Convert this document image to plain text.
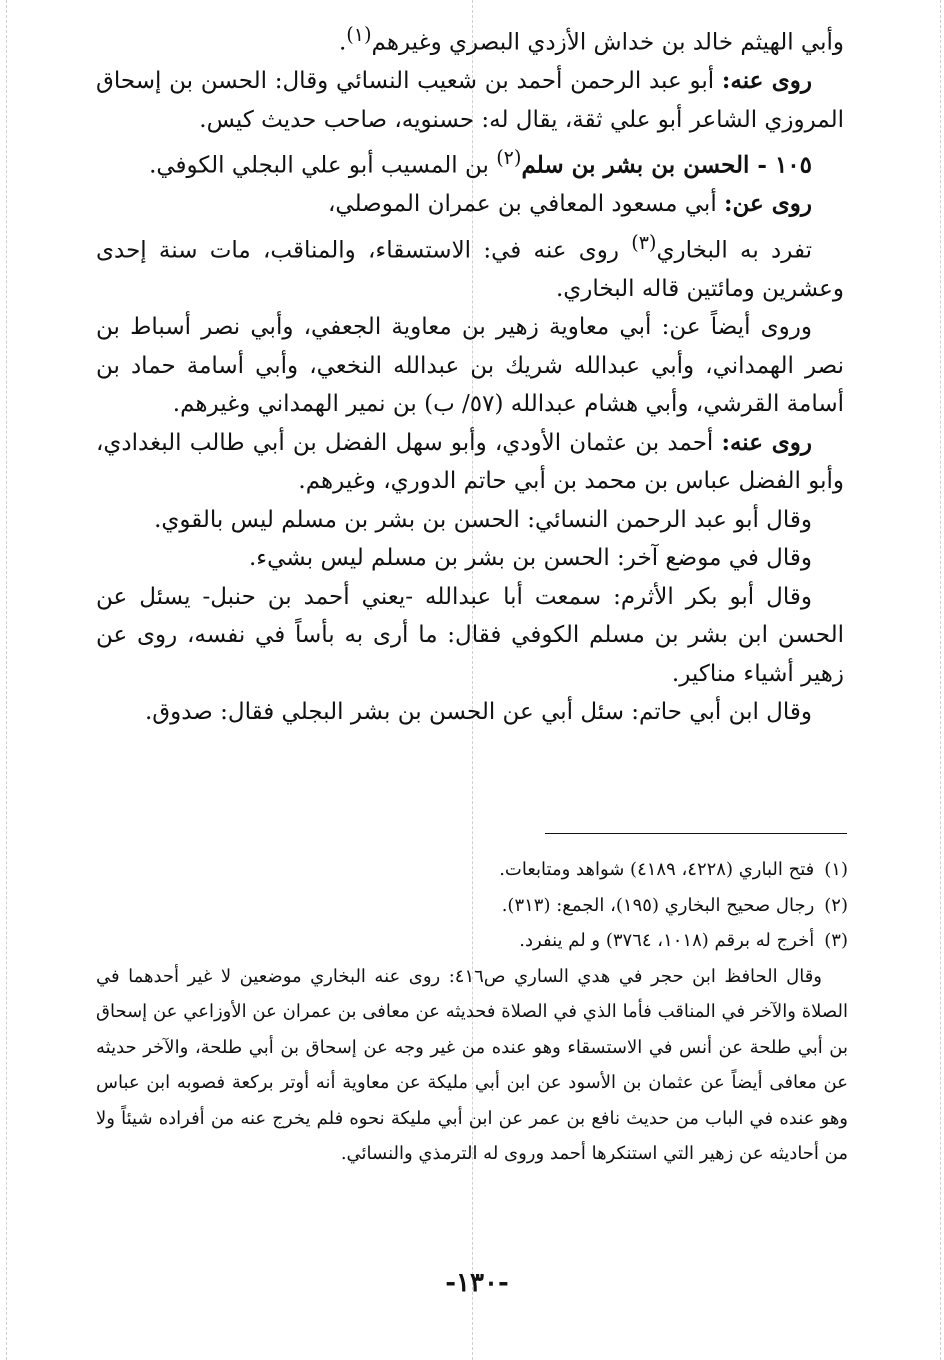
وأبي الهيثم خالد بن خداش الأزدي البصري وغيرهم$^{(١)}$.

روى عنه: أبو عبد الرحمن أحمد بن شعيب النسائي وقال: الحسن بن إسحاق المروزي الشاعر أبو علي ثقة، يقال له: حسنويه، صاحب حديث كيس.

١٠٥ - الحسن بن بشر بن سلم$^{(٢)}$ بن المسيب أبو علي البجلي الكوفي.

روى عن: أبي مسعود المعافي بن عمران الموصلي،

تفرد به البخاري$^{(٣)}$ روى عنه في: الاستسقاء، والمناقب، مات سنة إحدى وعشرين ومائتين قاله البخاري.

وروى أيضاً عن: أبي معاوية زهير بن معاوية الجعفي، وأبي نصر أسباط بن نصر الهمداني، وأبي عبدالله شريك بن عبدالله النخعي، وأبي أسامة حماد بن أسامة القرشي، وأبي هشام عبدالله (٥٧/ ب) بن نمير الهمداني وغيرهم.

روى عنه: أحمد بن عثمان الأودي، وأبو سهل الفضل بن أبي طالب البغدادي، وأبو الفضل عباس بن محمد بن أبي حاتم الدوري، وغيرهم.

وقال أبو عبد الرحمن النسائي: الحسن بن بشر بن مسلم ليس بالقوي.

وقال في موضع آخر: الحسن بن بشر بن مسلم ليس بشيء.

وقال أبو بكر الأثرم: سمعت أبا عبدالله -يعني أحمد بن حنبل- يسئل عن الحسن ابن بشر بن مسلم الكوفي فقال: ما أرى به بأساً في نفسه، روى عن زهير أشياء مناكير.

وقال ابن أبي حاتم: سئل أبي عن الحسن بن بشر البجلي فقال: صدوق.

(١)فتح الباري (٤٢٢٨، ٤١٨٩) شواهد ومتابعات.

(٢)رجال صحيح البخاري (١٩٥)، الجمع: (٣١٣).

(٣)أخرج له برقم (١٠١٨، ٣٧٦٤) و لم ينفرد.

وقال الحافظ ابن حجر في هدي الساري ص٤١٦: روى عنه البخاري موضعين لا غير أحدهما في الصلاة والآخر في المناقب فأما الذي في الصلاة فحديثه عن معافى بن عمران عن الأوزاعي عن إسحاق بن أبي طلحة عن أنس في الاستسقاء وهو عنده من غير وجه عن إسحاق بن أبي طلحة، والآخر حديثه عن معافى أيضاً عن عثمان بن الأسود عن ابن أبي مليكة عن معاوية أنه أوتر بركعة فصوبه ابن عباس وهو عنده في الباب من حديث نافع بن عمر عن ابن أبي مليكة نحوه فلم يخرج عنه من أفراده شيئاً ولا من أحاديثه عن زهير التي استنكرها أحمد وروى له الترمذي والنسائي.

-١٣٠-
